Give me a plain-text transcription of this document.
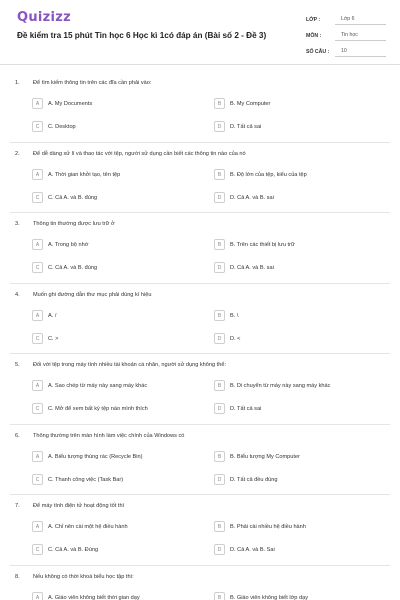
Quizizz
Đề kiểm tra 15 phút Tin học 6 Học kì 1có đáp án (Bài số 2 - Đề 3)
LỚP :	Lớp 6
MÔN :	Tin học
SỐ CÂU :	10
1. Để tìm kiếm thông tin trên các đĩa cần phải vào:
A	A. My Documents	B	B. My Computer
C	C. Desktop	D	D. Tất cả sai
2. Để dễ dàng xử lí và thao tác với tệp, người sử dụng cần biết các thông tin nào của nó
A	A. Thời gian khởi tạo, tên tệp	B	B. Độ lớn của tệp, kiểu của tệp
C	C. Cả A. và B. đúng	D	D. Cả A. và B. sai
3. Thông tin thường được lưu trữ ở
A	A. Trong bộ nhớ	B	B. Trên các thiết bị lưu trữ
C	C. Cả A. và B. đúng	D	D. Cả A. và B. sai
4. Muốn ghi đường dẫn thư mục phải dùng kí hiệu
A	A. /	B	B. \
C	C. >	D	D. <
5. Đối với tệp trong máy tính nhiều tài khoản cá nhân, người sử dụng không thể:
A	A. Sao chép từ máy này sang máy khác	B	B. Di chuyển từ máy này sang máy khác
C	C. Mở để xem bất kỳ tệp nào mình thích	D	D. Tất cả sai
6. Thông thường trên màn hình làm việc chính của Windows có
A	A. Biểu tượng thùng rác (Recycle Bin)	B	B. Biểu tượng My Computer
C	C. Thanh công việc (Task Bar)	D	D. Tất cả đều đúng
7. Để máy tính điện tử hoạt động tốt thì
A	A. Chỉ nên cài một hệ điều hành	B	B. Phải cài nhiều hệ điều hành
C	C. Cả A. và B. Đúng	D	D. Cả A. và B. Sai
8. Nếu không có thời khoá biểu học tập thì:
A	A. Giáo viên không biết thời gian dạy	B	B. Giáo viên không biết lớp dạy
